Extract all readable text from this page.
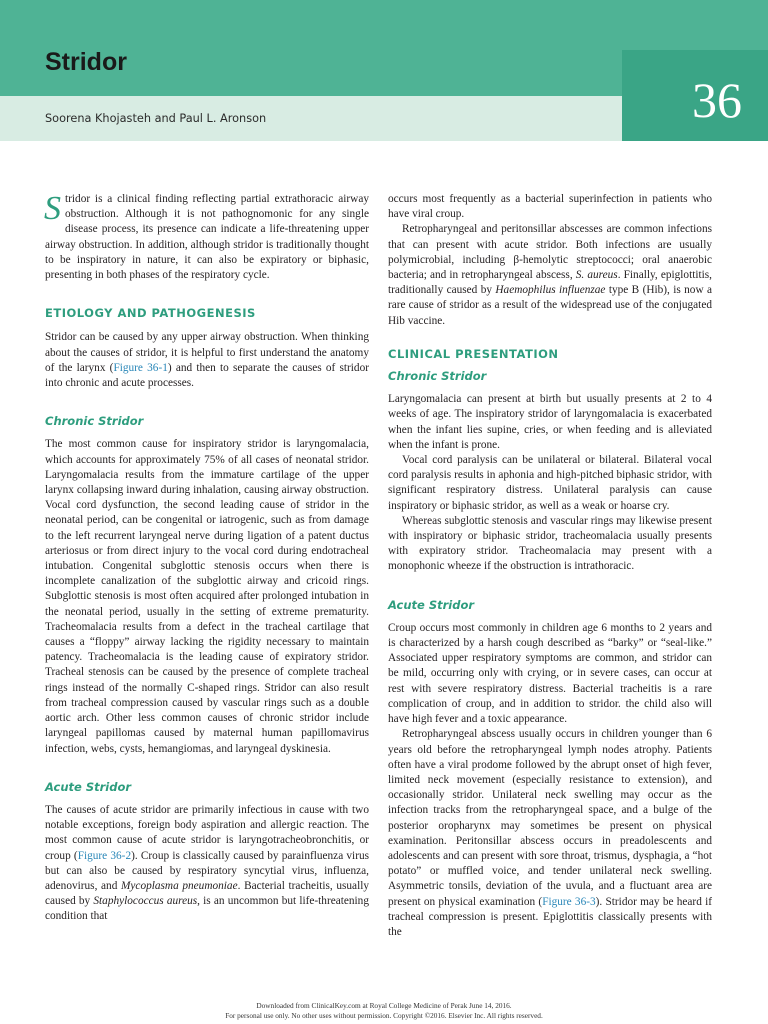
Stridor
Soorena Khojasteh and Paul L. Aronson	36

Stridor is a clinical finding reflecting partial extrathoracic airway obstruction. Although it is not pathognomonic for any single disease process, its presence can indicate a life-threatening upper airway obstruction. In addition, although stridor is traditionally thought to be inspiratory in nature, it can also be expiratory or biphasic, presenting in both phases of the respiratory cycle.

ETIOLOGY AND PATHOGENESIS

Stridor can be caused by any upper airway obstruction. When thinking about the causes of stridor, it is helpful to first understand the anatomy of the larynx (Figure 36-1) and then to separate the causes of stridor into chronic and acute processes.

Chronic Stridor

The most common cause for inspiratory stridor is laryngomalacia, which accounts for approximately 75% of all cases of neonatal stridor. Laryngomalacia results from the immature cartilage of the upper larynx collapsing inward during inhalation, causing airway obstruction. Vocal cord dysfunction, the second leading cause of stridor in the neonatal period, can be congenital or iatrogenic, such as from damage to the left recurrent laryngeal nerve during ligation of a patent ductus arteriosus or from direct injury to the vocal cord during endotracheal intubation. Congenital subglottic stenosis occurs when there is incomplete canalization of the subglottic airway and cricoid rings. Subglottic stenosis is most often acquired after prolonged intubation in the neonatal period, usually in the setting of extreme prematurity. Tracheomalacia results from a defect in the tracheal cartilage that causes a “floppy” airway lacking the rigidity necessary to maintain patency. Tracheomalacia is the leading cause of expiratory stridor. Tracheal stenosis can be caused by the presence of complete tracheal rings instead of the normally C-shaped rings. Stridor can also result from tracheal compression caused by vascular rings such as a double aortic arch. Other less common causes of chronic stridor include laryngeal papillomas caused by maternal human papillomavirus infection, webs, cysts, hemangiomas, and laryngeal dyskinesia.

Acute Stridor

The causes of acute stridor are primarily infectious in cause with two notable exceptions, foreign body aspiration and allergic reaction. The most common cause of acute stridor is laryngotracheobronchitis, or croup (Figure 36-2). Croup is classically caused by parainfluenza virus but can also be caused by respiratory syncytial virus, influenza, adenovirus, and Mycoplasma pneumoniae. Bacterial tracheitis, usually caused by Staphylococcus aureus, is an uncommon but life-threatening condition that

occurs most frequently as a bacterial superinfection in patients who have viral croup.

Retropharyngeal and peritonsillar abscesses are common infections that can present with acute stridor. Both infections are usually polymicrobial, including β-hemolytic streptococci; oral anaerobic bacteria; and in retropharyngeal abscess, S. aureus. Finally, epiglottitis, traditionally caused by Haemophilus influenzae type B (Hib), is now a rare cause of stridor as a result of the widespread use of the conjugated Hib vaccine.

CLINICAL PRESENTATION
Chronic Stridor

Laryngomalacia can present at birth but usually presents at 2 to 4 weeks of age. The inspiratory stridor of laryngomalacia is exacerbated when the infant lies supine, cries, or when feeding and is alleviated when the infant is prone.

Vocal cord paralysis can be unilateral or bilateral. Bilateral vocal cord paralysis results in aphonia and high-pitched biphasic stridor, with significant respiratory distress. Unilateral paralysis can cause inspiratory or biphasic stridor, as well as a weak or hoarse cry.

Whereas subglottic stenosis and vascular rings may likewise present with inspiratory or biphasic stridor, tracheomalacia usually presents with expiratory stridor. Tracheomalacia may present with a monophonic wheeze if the obstruction is intrathoracic.

Acute Stridor

Croup occurs most commonly in children age 6 months to 2 years and is characterized by a harsh cough described as “barky” or “seal-like.” Associated upper respiratory symptoms are common, and stridor can be mild, occurring only with crying, or in severe cases, can occur at rest with severe respiratory distress. Bacterial tracheitis is a rare complication of croup, and in addition to stridor. the child also will have high fever and a toxic appearance.

Retropharyngeal abscess usually occurs in children younger than 6 years old before the retropharyngeal lymph nodes atrophy. Patients often have a viral prodome followed by the abrupt onset of high fever, limited neck movement (especially resistance to extension), and occasionally stridor. Unilateral neck swelling may occur as the infection tracks from the retropharyngeal space, and a bulge of the posterior oropharynx may sometimes be present on physical examination. Peritonsillar abscess occurs in preadolescents and adolescents and can present with sore throat, trismus, dysphagia, a “hot potato” or muffled voice, and tender unilateral neck swelling. Asymmetric tonsils, deviation of the uvula, and a fluctuant area are present on physical examination (Figure 36-3). Stridor may be heard if tracheal compression is present. Epiglottitis classically presents with the

Downloaded from ClinicalKey.com at Royal College Medicine of Perak June 14, 2016.
For personal use only. No other uses without permission. Copyright ©2016. Elsevier Inc. All rights reserved.
